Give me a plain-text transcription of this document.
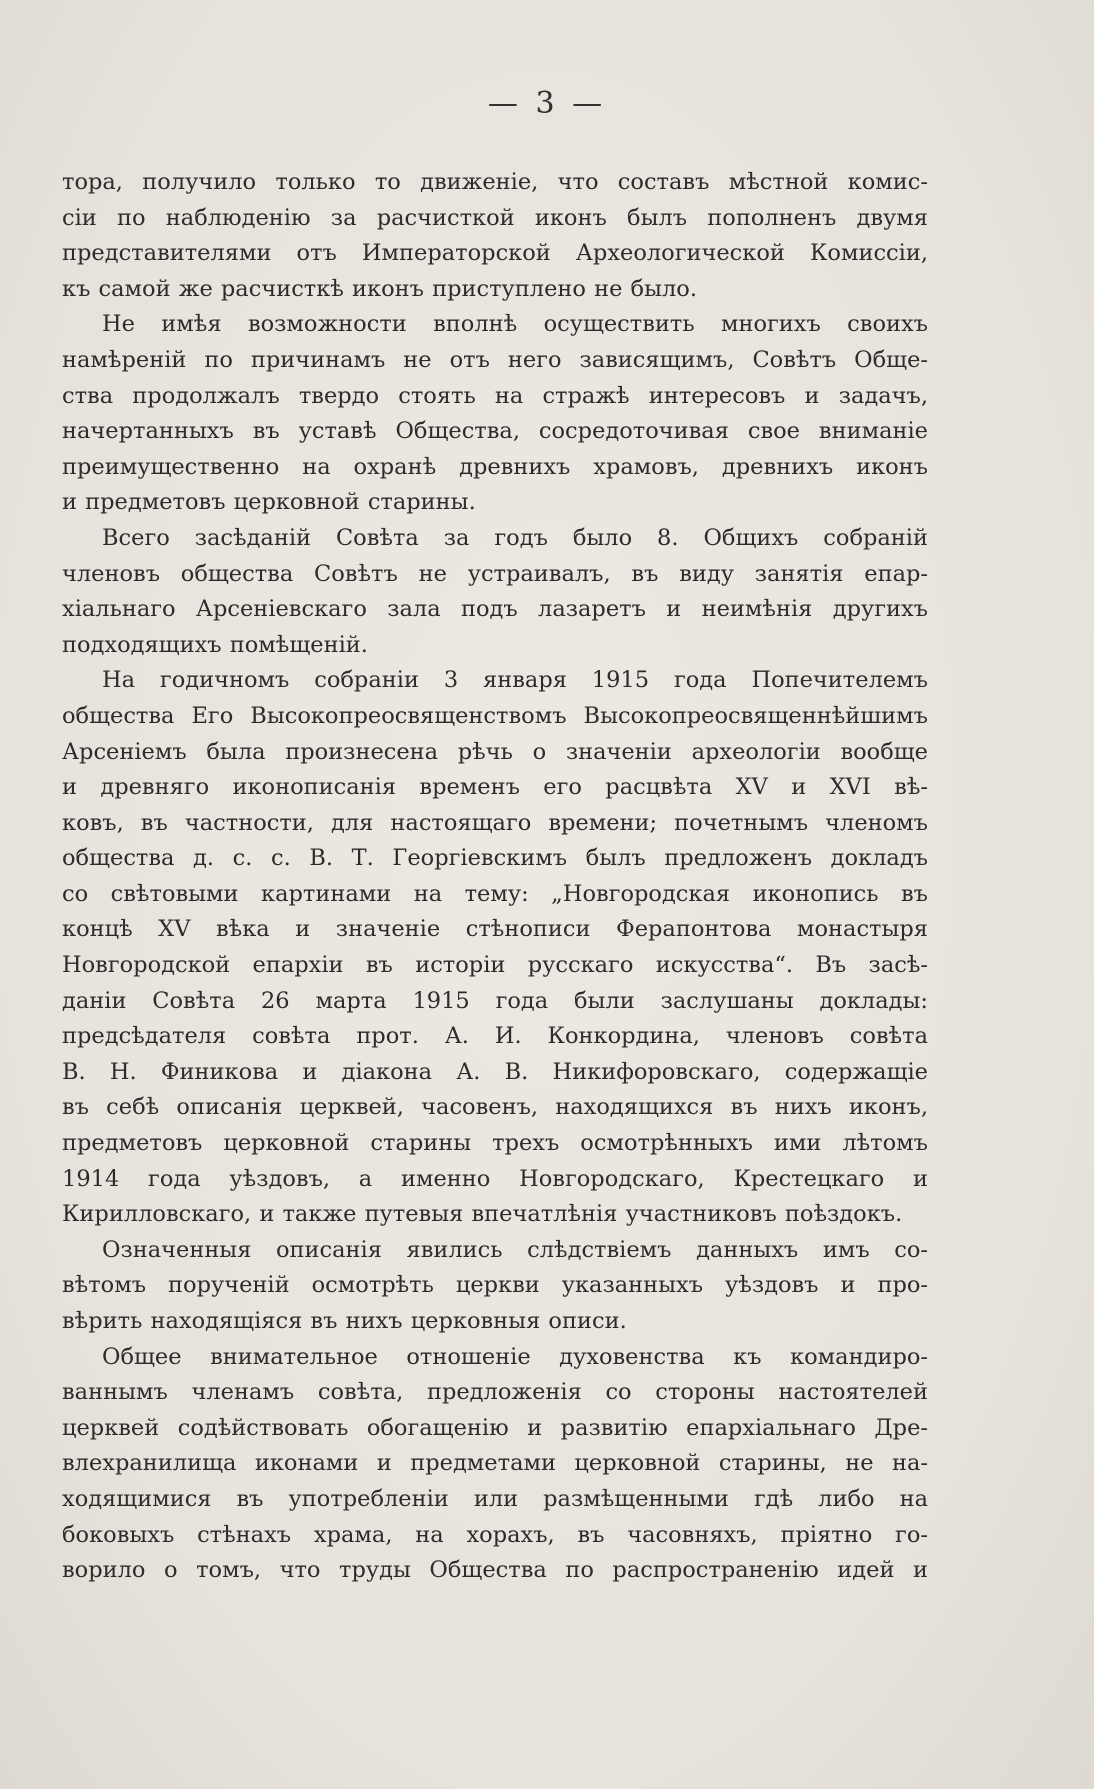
— 3 —
тора, получило только то движеніе, что составъ мѣстной комис-
сіи по наблюденію за расчисткой иконъ былъ пополненъ двумя
представителями отъ Императорской Археологической Комиссіи,
къ самой же расчисткѣ иконъ приступлено не было.
Не имѣя возможности вполнѣ осуществить многихъ своихъ
намѣреній по причинамъ не отъ него зависящимъ, Совѣтъ Обще-
ства продолжалъ твердо стоять на стражѣ интересовъ и задачъ,
начертанныхъ въ уставѣ Общества, сосредоточивая свое вниманіе
преимущественно на охранѣ древнихъ храмовъ, древнихъ иконъ
и предметовъ церковной старины.
Всего засѣданій Совѣта за годъ было 8. Общихъ собраній
членовъ общества Совѣтъ не устраивалъ, въ виду занятія епар-
хіальнаго Арсеніевскаго зала подъ лазаретъ и неимѣнія другихъ
подходящихъ помѣщеній.
На годичномъ собраніи 3 января 1915 года Попечителемъ
общества Его Высокопреосвященствомъ Высокопреосвященнѣйшимъ
Арсеніемъ была произнесена рѣчь о значеніи археологіи вообще
и древняго иконописанія временъ его расцвѣта XV и XVI вѣ-
ковъ, въ частности, для настоящаго времени; почетнымъ членомъ
общества д. с. с. В. Т. Георгіевскимъ былъ предложенъ докладъ
со свѣтовыми картинами на тему: „Новгородская иконопись въ
концѣ XV вѣка и значеніе стѣнописи Ферапонтова монастыря
Новгородской епархіи въ исторіи русскаго искусства“. Въ засѣ-
даніи Совѣта 26 марта 1915 года были заслушаны доклады:
предсѣдателя совѣта прот. А. И. Конкордина, членовъ совѣта
В. Н. Финикова и діакона А. В. Никифоровскаго, содержащіе
въ себѣ описанія церквей, часовенъ, находящихся въ нихъ иконъ,
предметовъ церковной старины трехъ осмотрѣнныхъ ими лѣтомъ
1914 года уѣздовъ, а именно Новгородскаго, Крестецкаго и
Кирилловскаго, и также путевыя впечатлѣнія участниковъ поѣздокъ.
Означенныя описанія явились слѣдствіемъ данныхъ имъ со-
вѣтомъ порученій осмотрѣть церкви указанныхъ уѣздовъ и про-
вѣрить находящіяся въ нихъ церковныя описи.
Общее внимательное отношеніе духовенства къ командиро-
ваннымъ членамъ совѣта, предложенія со стороны настоятелей
церквей содѣйствовать обогащенію и развитію епархіальнаго Дре-
влехранилища иконами и предметами церковной старины, не на-
ходящимися въ употребленіи или размѣщенными гдѣ либо на
боковыхъ стѣнахъ храма, на хорахъ, въ часовняхъ, пріятно го-
ворило о томъ, что труды Общества по распространенію идей и
